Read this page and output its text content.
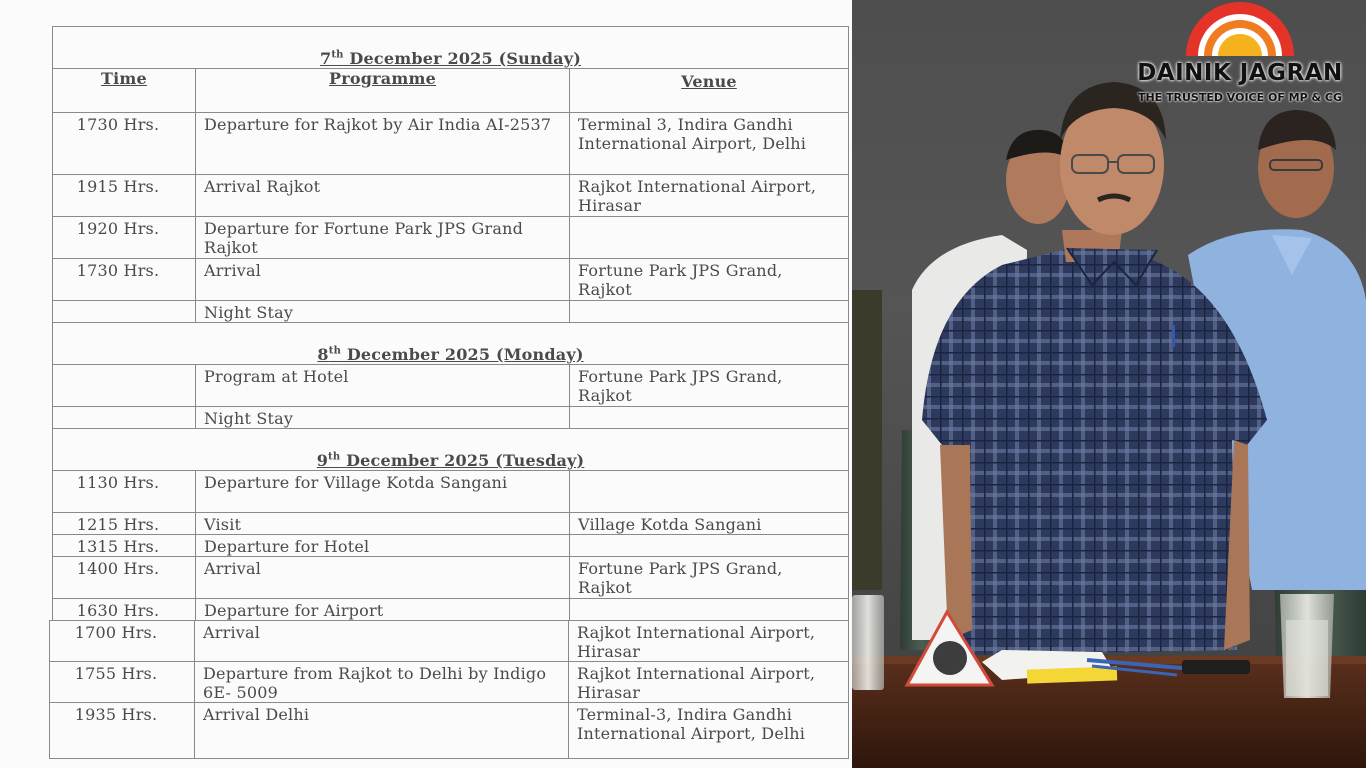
7th December 2025 (Sunday)		
Time	Programme	Venue
1730 Hrs.	Departure for Rajkot by Air India AI-2537	Terminal 3, Indira Gandhi International Airport, Delhi
1915 Hrs.	Arrival Rajkot	Rajkot International Airport, Hirasar
1920 Hrs.	Departure for Fortune Park JPS Grand Rajkot	
1730 Hrs.	Arrival	Fortune Park JPS Grand, Rajkot
	Night Stay	
8th December 2025 (Monday)		
	Program at Hotel	Fortune Park JPS Grand, Rajkot
	Night Stay	
9th December 2025 (Tuesday)		
1130 Hrs.	Departure for Village Kotda Sangani	
1215 Hrs.	Visit	Village Kotda Sangani
1315 Hrs.	Departure for Hotel	
1400 Hrs.	Arrival	Fortune Park JPS Grand, Rajkot
1630 Hrs.	Departure for Airport	
1700 Hrs.	Arrival	Rajkot International Airport, Hirasar
1755 Hrs.	Departure from Rajkot to Delhi by Indigo 6E- 5009	Rajkot International Airport, Hirasar
1935 Hrs.	Arrival Delhi	Terminal-3, Indira Gandhi International Airport, Delhi
DAINIK JAGRAN
THE TRUSTED VOICE OF MP & CG
